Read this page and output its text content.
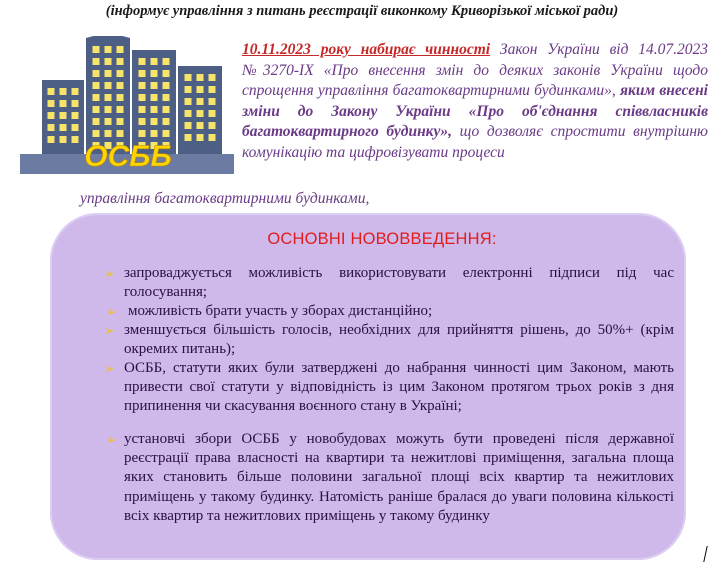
(інформує управління з питань реєстрації виконкому Криворізької міської ради)
ОСББ
10.11.2023 року набирає чинності Закон України від 14.07.2023 №3270-IX «Про внесення змін до деяких законів України щодо спрощення управління багатоквартирними будинками», яким внесені зміни до Закону України «Про об'єднання співвласників багатоквартирного будинку», що дозволяє спростити внутрішню комунікацію та цифровізувати процеси
управління багатоквартирними будинками,
ОСНОВНІ НОВОВВЕДЕННЯ:
➢ запроваджується можливість використовувати електронні підписи під час голосування;
➢ можливість брати участь у зборах дистанційно;
➢ зменшується більшість голосів, необхідних для прийняття рішень, до 50%+ (крім окремих питань);
➢ ОСББ, статути яких були затверджені до набрання чинності цим Законом, мають привести свої статути у відповідність із цим Законом протягом трьох років з дня припинення чи скасування воєнного стану в Україні;
➢ установчі збори ОСББ у новобудовах можуть бути проведені після державної реєстрації права власності на квартири та нежитлові приміщення, загальна площа яких становить більше половини загальної площі всіх квартир та нежитлових приміщень у такому будинку. Натомість раніше бралася до уваги половина кількості всіх квартир та нежитлових приміщень у такому будинку
